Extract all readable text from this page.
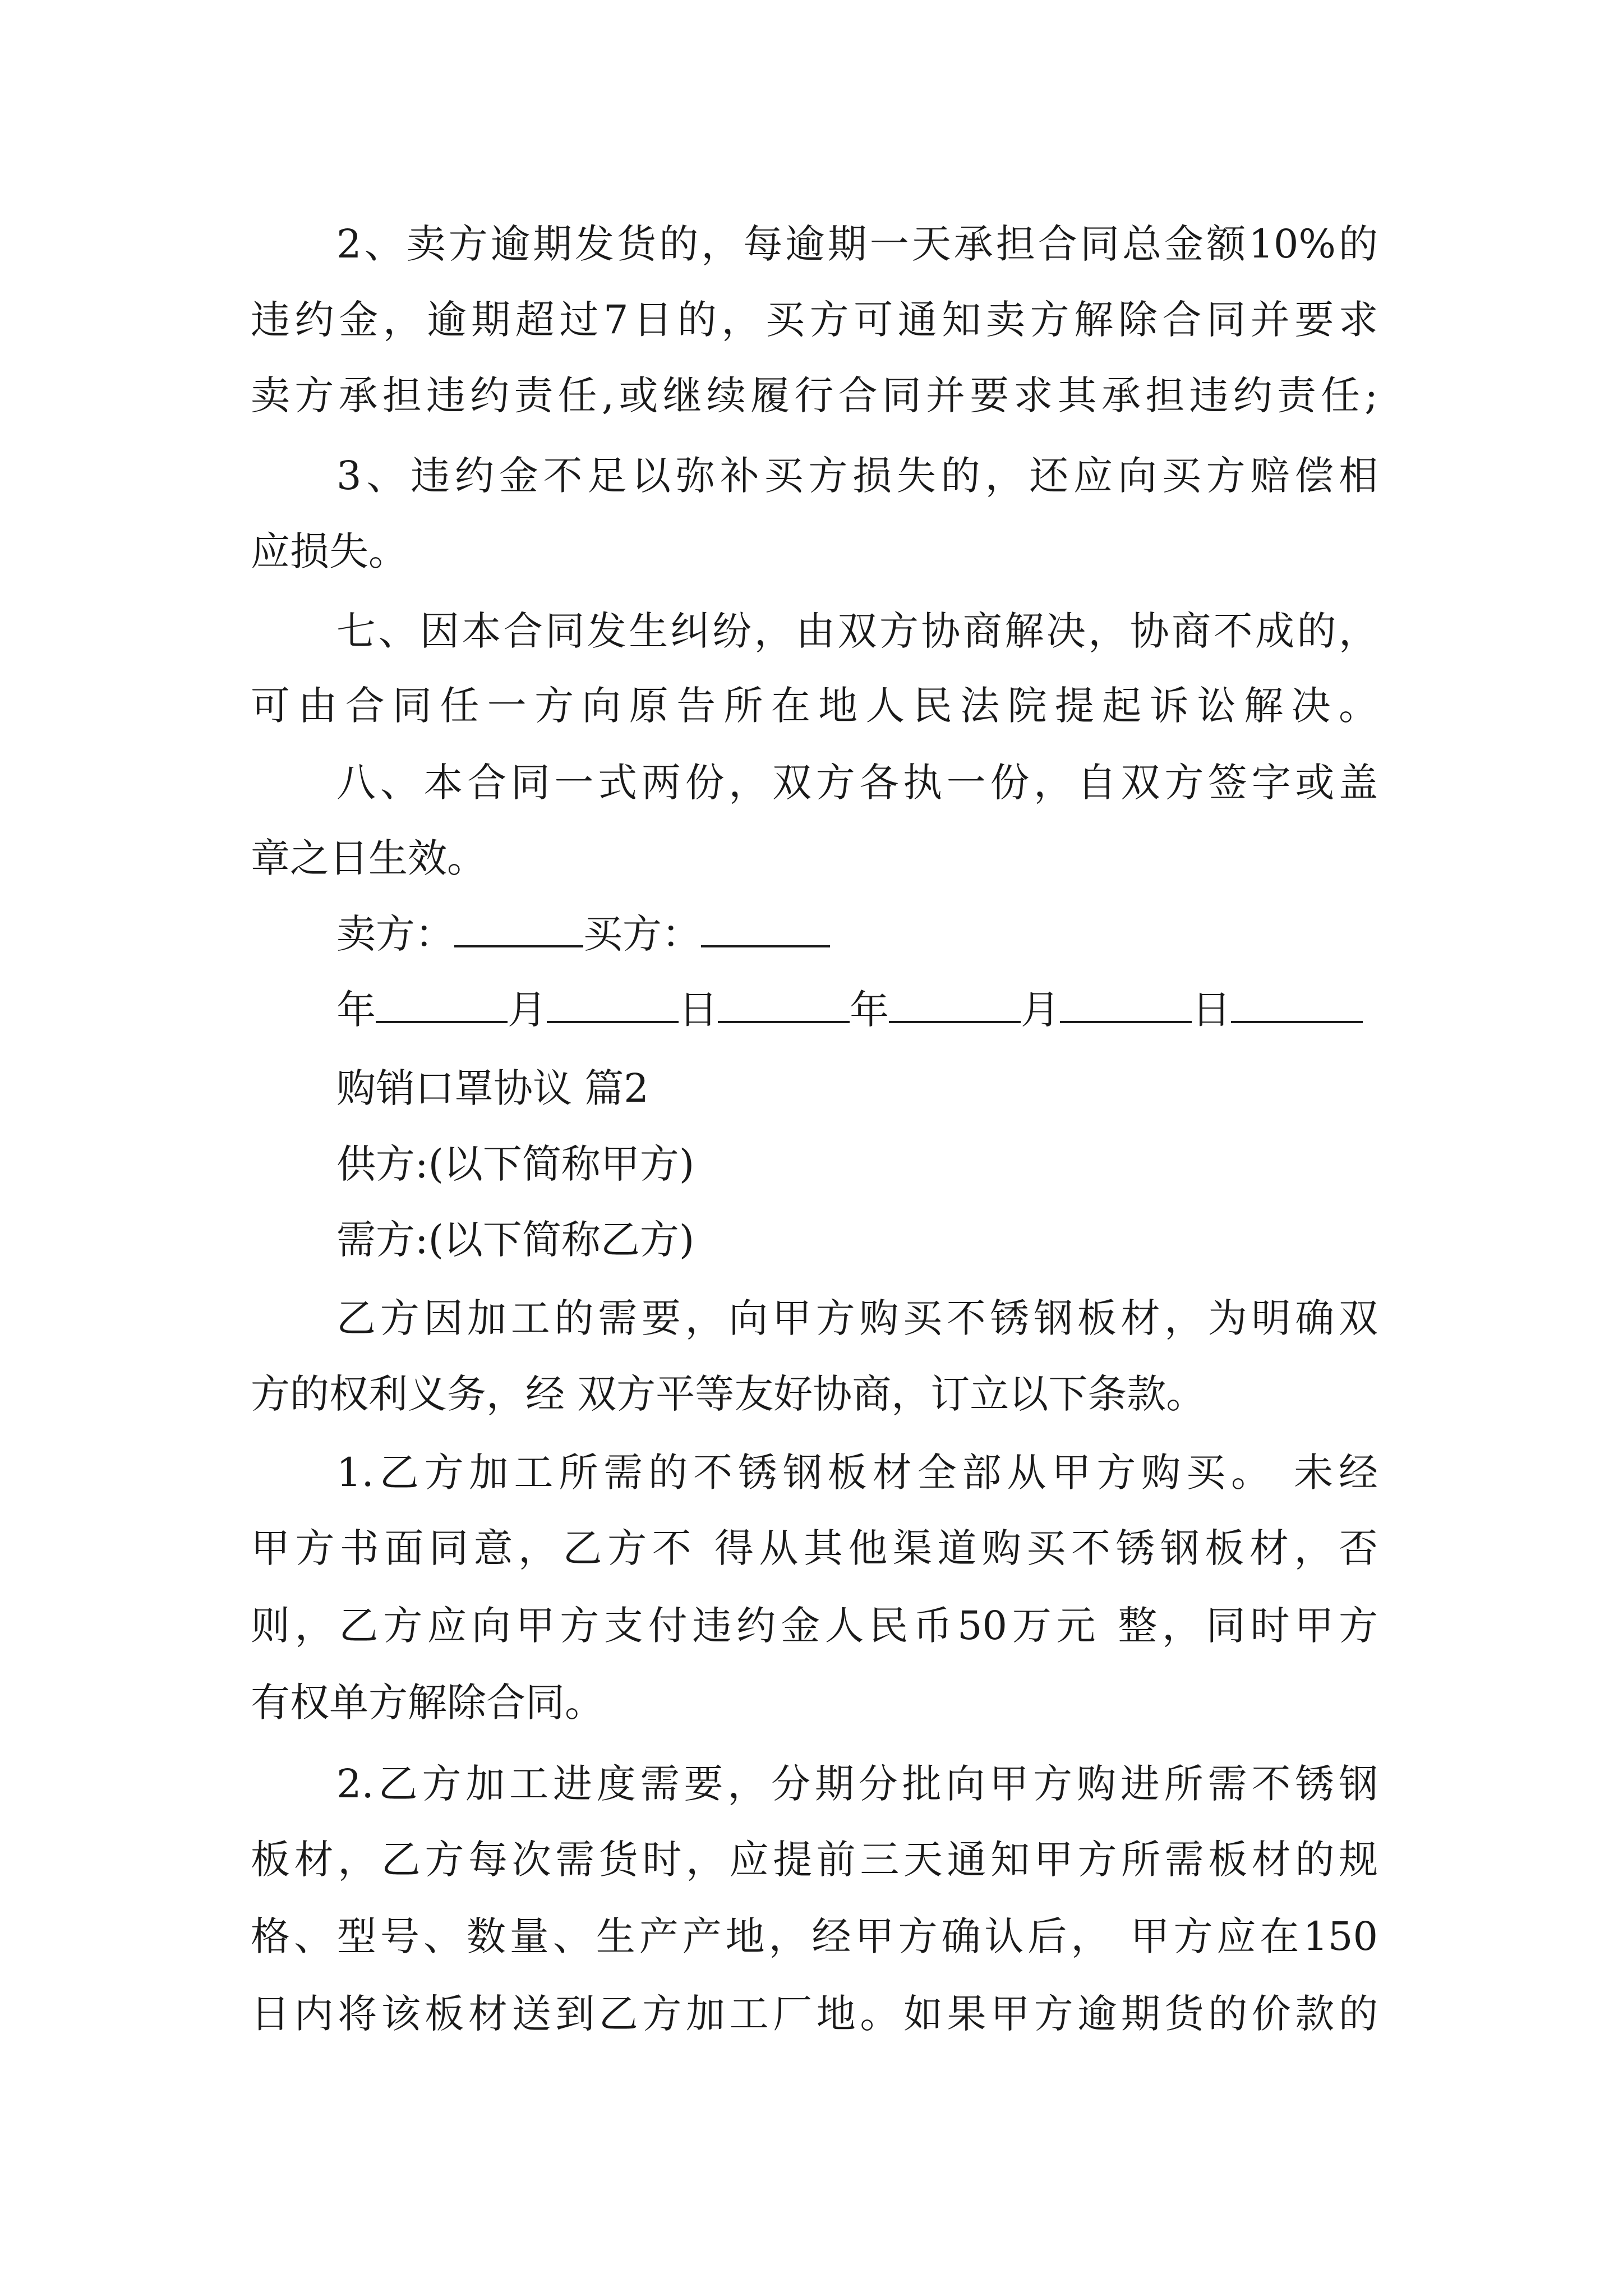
2、卖方逾期发货的，每逾期一天承担合同总金额10%的
违约金，逾期超过7日的，买方可通知卖方解除合同并要求
卖方承担违约责任,或继续履行合同并要求其承担违约责任;
3、违约金不足以弥补买方损失的，还应向买方赔偿相
应损失。
七、因本合同发生纠纷，由双方协商解决，协商不成的，
可由合同任一方向原告所在地人民法院提起诉讼解决。
八、本合同一式两份，双方各执一份，自双方签字或盖
章之日生效。
卖方：	买方：
年	月	日	年	月	日
购销口罩协议 篇2
供方:(以下简称甲方)
需方:(以下简称乙方)
乙方因加工的需要，向甲方购买不锈钢板材，为明确双
方的权利义务，经 双方平等友好协商，订立以下条款。
1.乙方加工所需的不锈钢板材全部从甲方购买。 未经
甲方书面同意，乙方不 得从其他渠道购买不锈钢板材，否
则，乙方应向甲方支付违约金人民币50万元 整，同时甲方
有权单方解除合同。
2.乙方加工进度需要，分期分批向甲方购进所需不锈钢
板材，乙方每次需货时，应提前三天通知甲方所需板材的规
格、型号、数量、生产产地，经甲方确认后， 甲方应在150
日内将该板材送到乙方加工厂地。如果甲方逾期货的价款的
